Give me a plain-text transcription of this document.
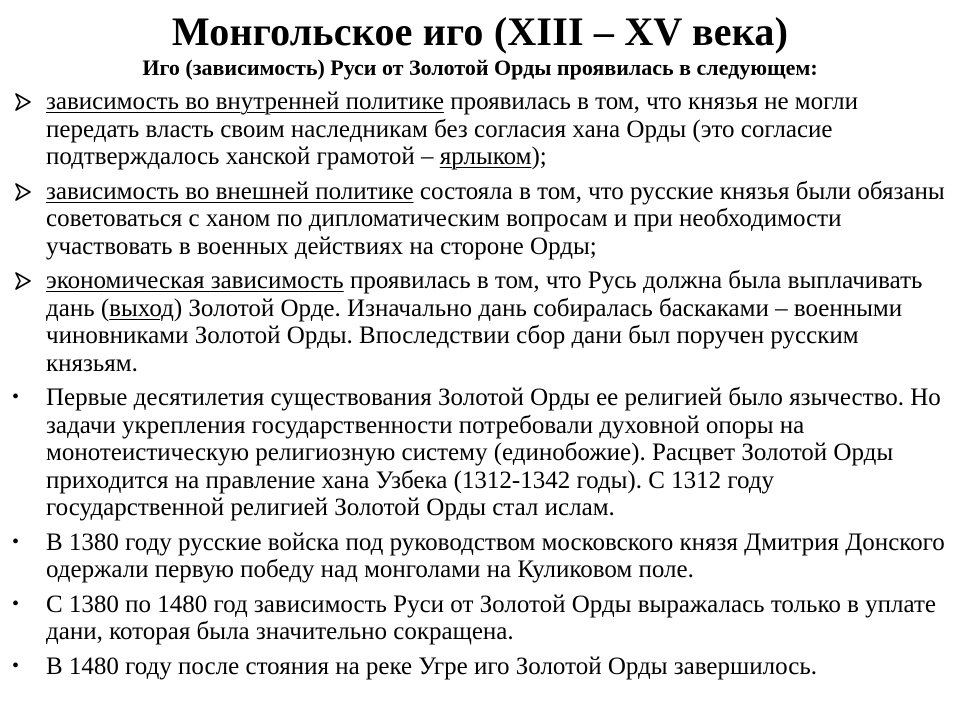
Монгольское иго (XIII – XV века)
Иго (зависимость) Руси от Золотой Орды проявилась в следующем:
зависимость во внутренней политике проявилась в том, что князья не могли передать власть своим наследникам без согласия хана Орды (это согласие подтверждалось ханской грамотой – ярлыком);
зависимость во внешней политике состояла в том, что русские князья были обязаны советоваться с ханом по дипломатическим вопросам и при необходимости участвовать в военных действиях на стороне Орды;
экономическая зависимость проявилась в том, что Русь должна была выплачивать дань (выход) Золотой Орде. Изначально дань собиралась баскаками – военными чиновниками Золотой Орды. Впоследствии сбор дани был поручен русским князьям.
•	Первые десятилетия существования Золотой Орды ее религией было язычество. Но задачи укрепления государственности потребовали духовной опоры на монотеистическую религиозную систему (единобожие). Расцвет Золотой Орды приходится на правление хана Узбека (1312-1342 годы). С 1312 году государственной религией Золотой Орды стал ислам.
•	В 1380 году русские войска под руководством московского князя Дмитрия Донского одержали первую победу над монголами на Куликовом поле.
•	С 1380 по 1480 год зависимость Руси от Золотой Орды выражалась только в уплате дани, которая была значительно сокращена.
•	В 1480 году после стояния на реке Угре иго Золотой Орды завершилось.
